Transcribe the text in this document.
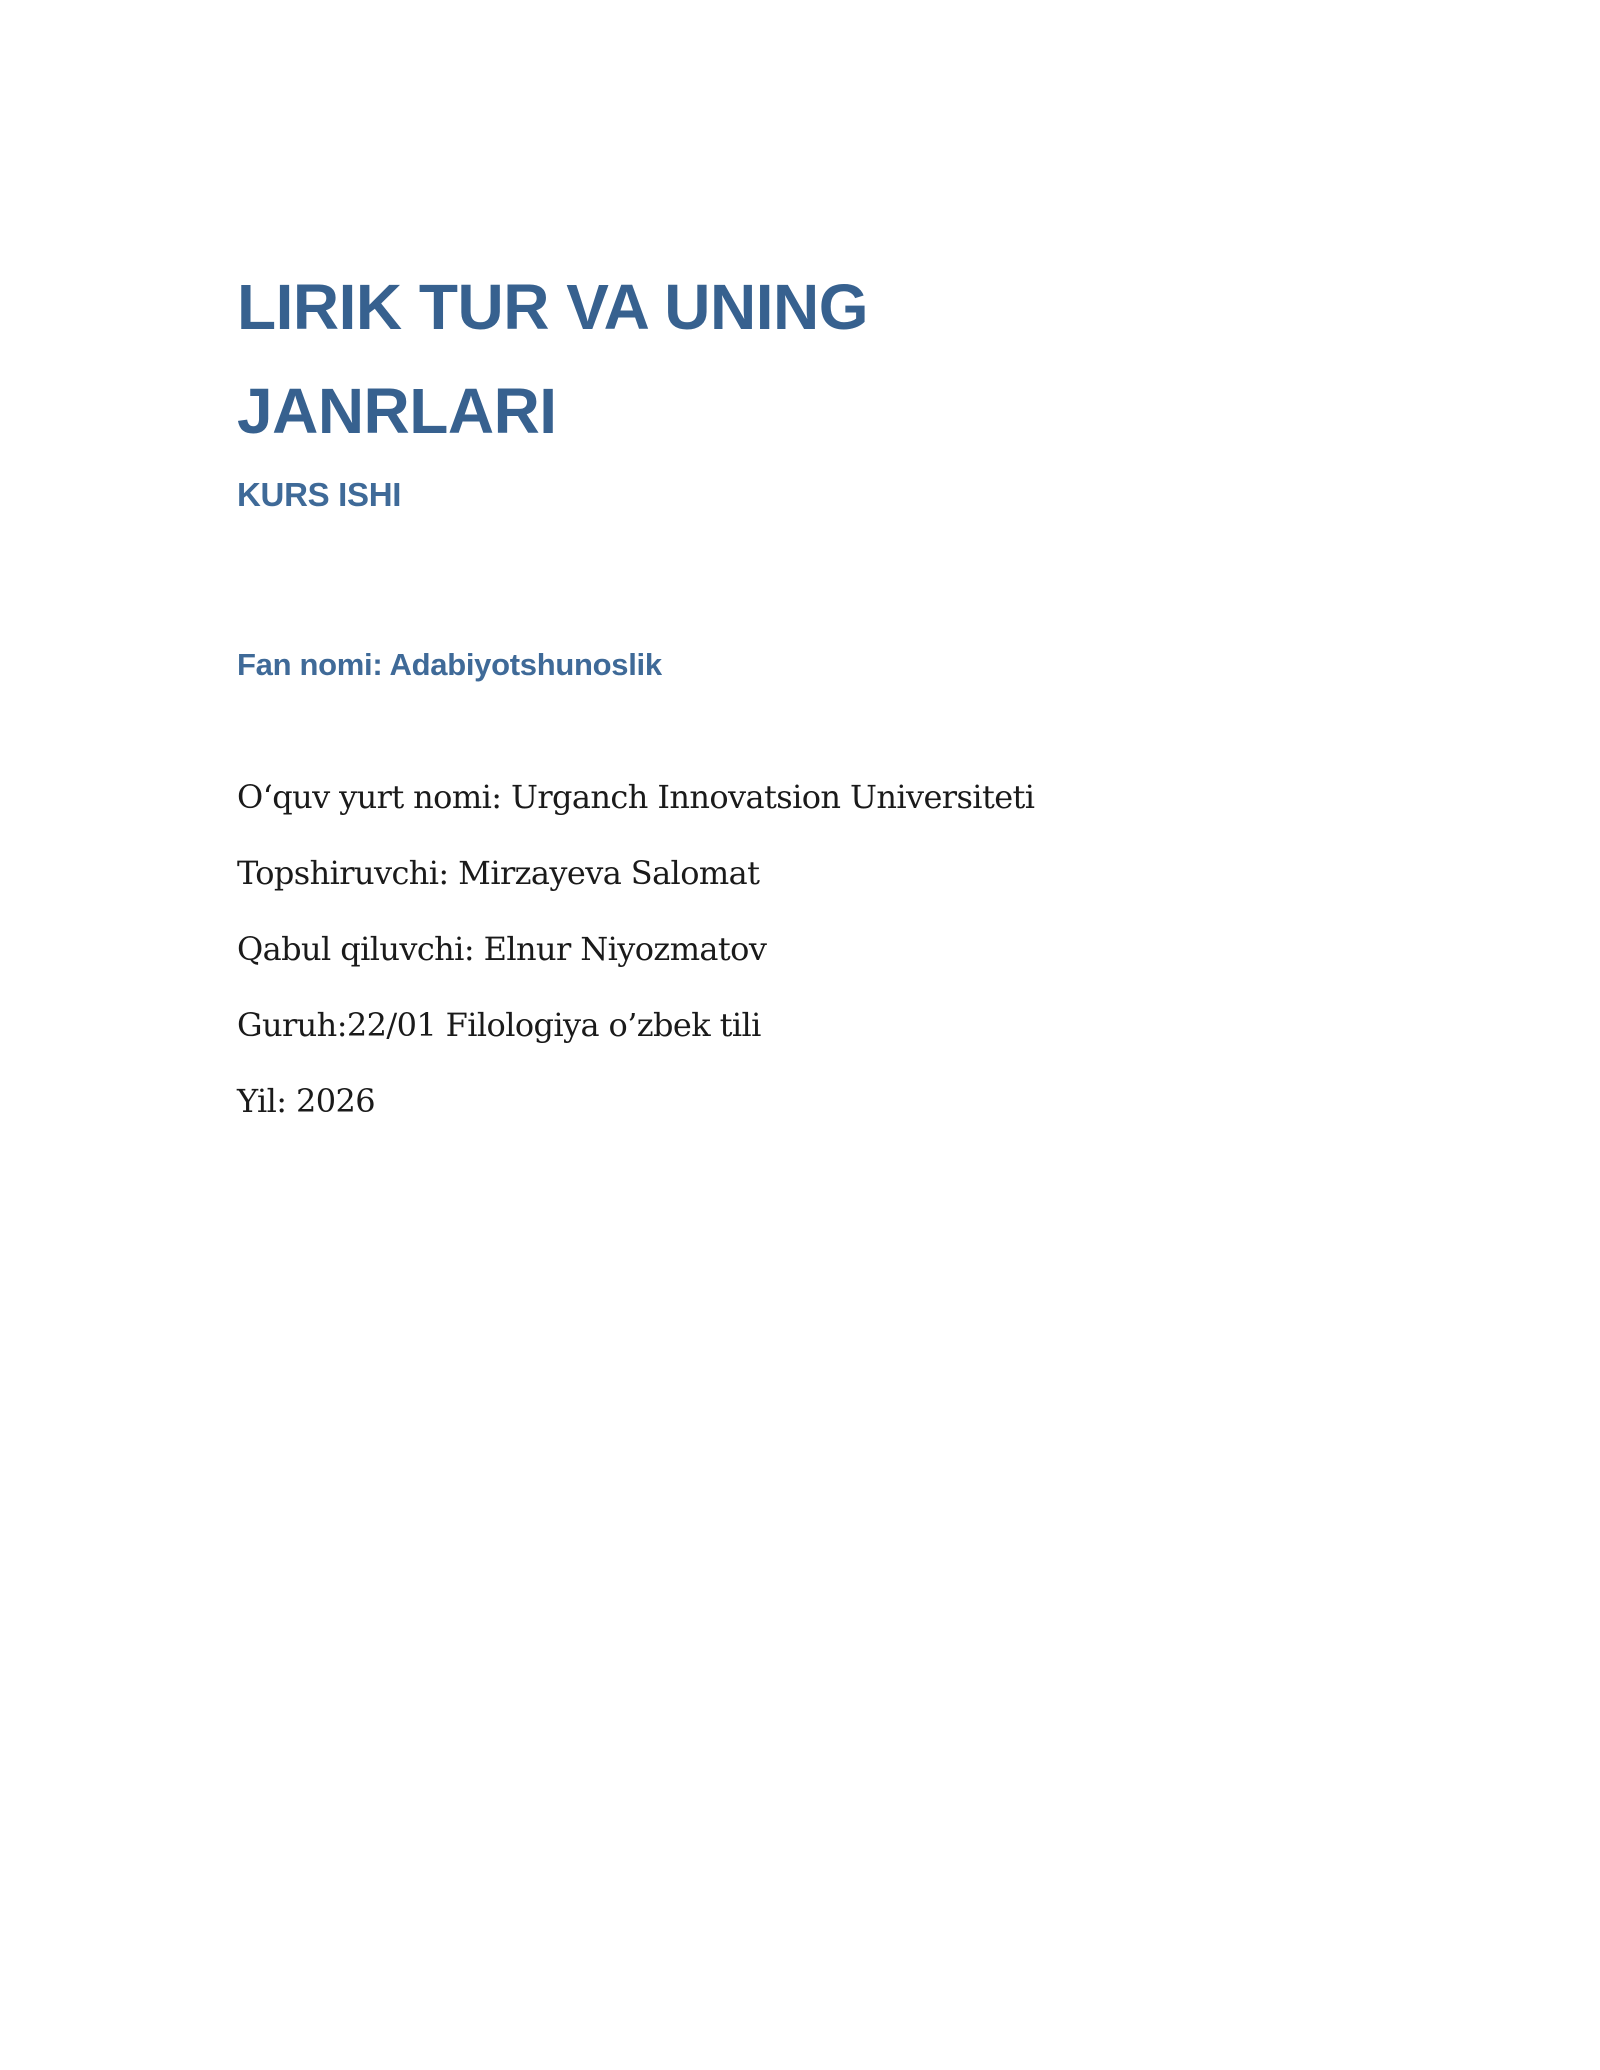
LIRIK TUR VA UNING
JANRLARI
KURS ISHI
Fan nomi: Adabiyotshunoslik
O‘quv yurt nomi: Urganch Innovatsion Universiteti
Topshiruvchi: Mirzayeva Salomat
Qabul qiluvchi: Elnur Niyozmatov
Guruh:22/01 Filologiya o’zbek tili
Yil: 2026
